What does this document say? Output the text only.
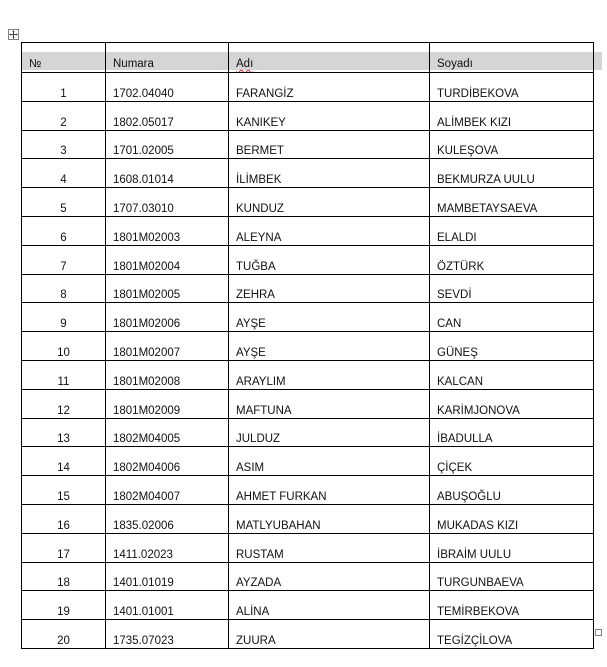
№	Numara	Adı	Soyadı
1	1702.04040	FARANGİZ	TURDİBEKOVA
2	1802.05017	KANIKEY	ALİMBEK KIZI
3	1701.02005	BERMET	KULEŞOVA
4	1608.01014	İLİMBEK	BEKMURZA UULU
5	1707.03010	KUNDUZ	MAMBETAYSAEVA
6	1801M02003	ALEYNA	ELALDI
7	1801M02004	TUĞBA	ÖZTÜRK
8	1801M02005	ZEHRA	SEVDİ
9	1801M02006	AYŞE	CAN
10	1801M02007	AYŞE	GÜNEŞ
11	1801M02008	ARAYLIM	KALCAN
12	1801M02009	MAFTUNA	KARİMJONOVA
13	1802M04005	JULDUZ	İBADULLA
14	1802M04006	ASIM	ÇİÇEK
15	1802M04007	AHMET FURKAN	ABUŞOĞLU
16	1835.02006	MATLYUBAHAN	MUKADAS KIZI
17	1411.02023	RUSTAM	İBRAİM UULU
18	1401.01019	AYZADA	TURGUNBAEVA
19	1401.01001	ALİNA	TEMİRBEKOVA
20	1735.07023	ZUURA	TEGİZÇİLOVA
